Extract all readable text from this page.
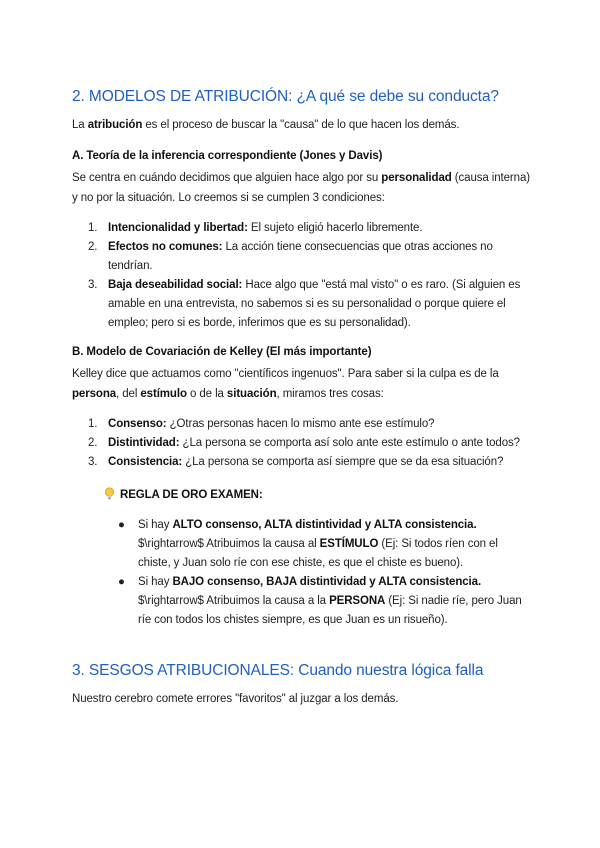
2. MODELOS DE ATRIBUCIÓN: ¿A qué se debe su conducta?

La atribución es el proceso de buscar la "causa" de lo que hacen los demás.

A. Teoría de la inferencia correspondiente (Jones y Davis)

Se centra en cuándo decidimos que alguien hace algo por su personalidad (causa interna) y no por la situación. Lo creemos si se cumplen 3 condiciones:

1. Intencionalidad y libertad: El sujeto eligió hacerlo libremente.
2. Efectos no comunes: La acción tiene consecuencias que otras acciones no tendrían.
3. Baja deseabilidad social: Hace algo que "está mal visto" o es raro. (Si alguien es amable en una entrevista, no sabemos si es su personalidad o porque quiere el empleo; pero si es borde, inferimos que es su personalidad).
B. Modelo de Covariación de Kelley (El más importante)

Kelley dice que actuamos como "científicos ingenuos". Para saber si la culpa es de la persona, del estímulo o de la situación, miramos tres cosas:

1. Consenso: ¿Otras personas hacen lo mismo ante ese estímulo?
2. Distintividad: ¿La persona se comporta así solo ante este estímulo o ante todos?
3. Consistencia: ¿La persona se comporta así siempre que se da esa situación?
REGLA DE ORO EXAMEN:
● Si hay ALTO consenso, ALTA distintividad y ALTA consistencia. $\rightarrow$ Atribuimos la causa al ESTÍMULO (Ej: Si todos ríen con el chiste, y Juan solo ríe con ese chiste, es que el chiste es bueno).
● Si hay BAJO consenso, BAJA distintividad y ALTA consistencia. $\rightarrow$ Atribuimos la causa a la PERSONA (Ej: Si nadie ríe, pero Juan ríe con todos los chistes siempre, es que Juan es un risueño).
3. SESGOS ATRIBUCIONALES: Cuando nuestra lógica falla

Nuestro cerebro comete errores "favoritos" al juzgar a los demás.
